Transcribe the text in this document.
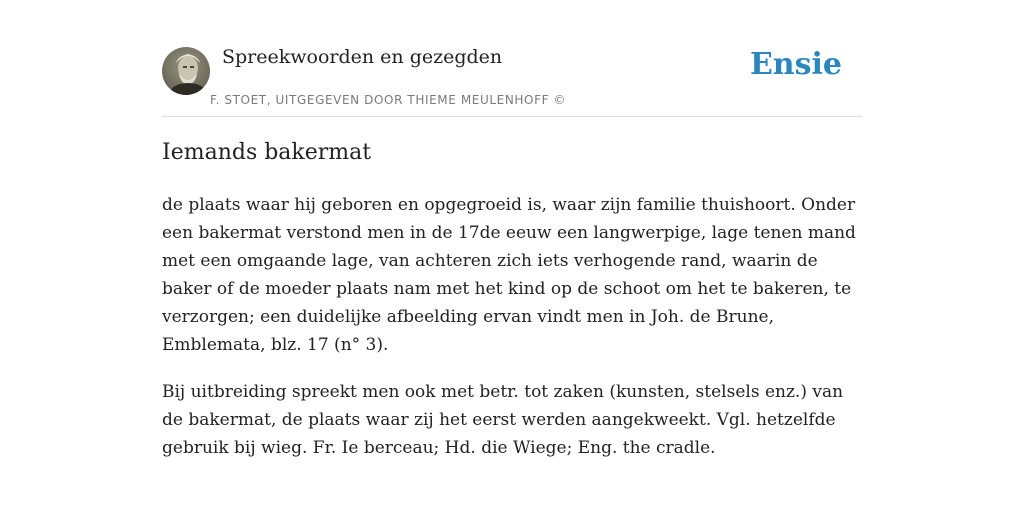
Spreekwoorden en gezegden
F. STOET, UITGEGEVEN DOOR THIEME MEULENHOFF ©
Ensie
Iemands bakermat

de plaats waar hij geboren en opgegroeid is, waar zijn familie thuishoort. Onder een bakermat verstond men in de 17de eeuw een langwerpige, lage tenen mand met een omgaande lage, van achteren zich iets verhogende rand, waarin de baker of de moeder plaats nam met het kind op de schoot om het te bakeren, te verzorgen; een duidelijke afbeelding ervan vindt men in Joh. de Brune, Emblemata, blz. 17 (n° 3).

Bij uitbreiding spreekt men ook met betr. tot zaken (kunsten, stelsels enz.) van de bakermat, de plaats waar zij het eerst werden aangekweekt. Vgl. hetzelfde gebruik bij wieg. Fr. Ie berceau; Hd. die Wiege; Eng. the cradle.
